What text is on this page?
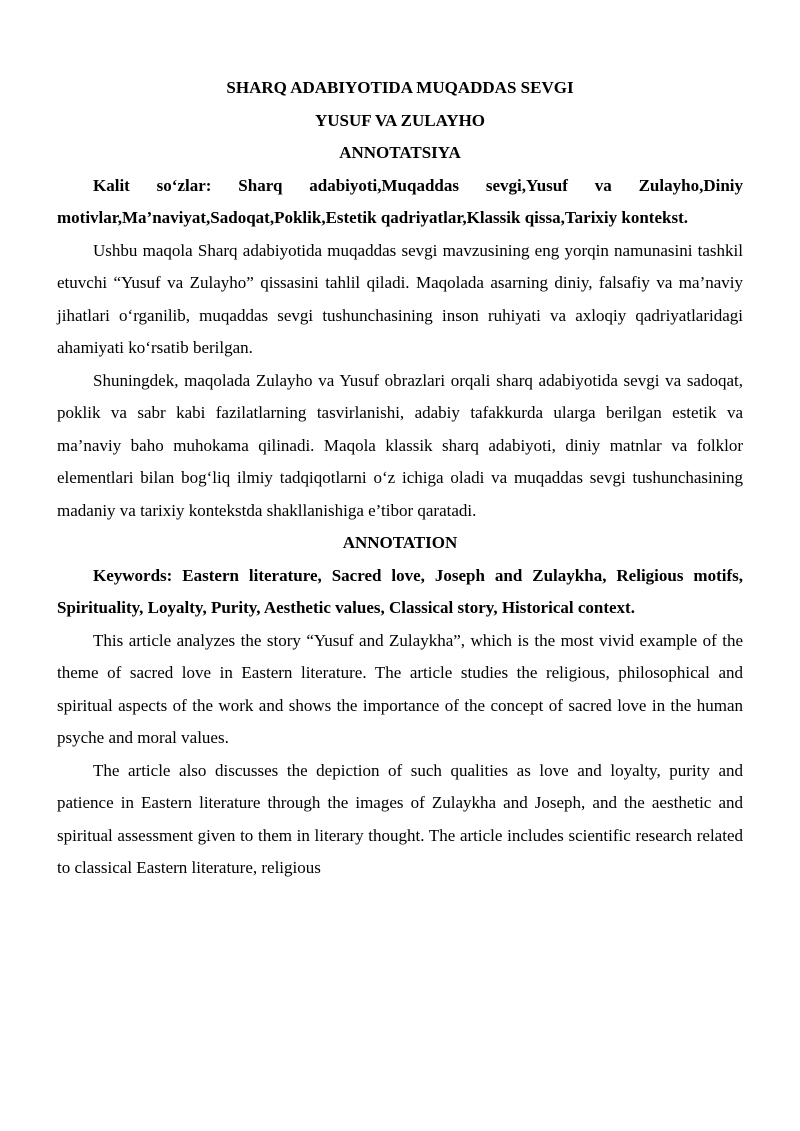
SHARQ ADABIYOTIDA MUQADDAS SEVGI
YUSUF VA ZULAYHO
ANNOTATSIYA

Kalit soʻzlar: Sharq adabiyoti,Muqaddas sevgi,Yusuf va Zulayho,Diniy motivlar,Ma’naviyat,Sadoqat,Poklik,Estetik qadriyatlar,Klassik qissa,Tarixiy kontekst.

Ushbu maqola Sharq adabiyotida muqaddas sevgi mavzusining eng yorqin namunasini tashkil etuvchi “Yusuf va Zulayho” qissasini tahlil qiladi. Maqolada asarning diniy, falsafiy va ma’naviy jihatlari oʻrganilib, muqaddas sevgi tushunchasining inson ruhiyati va axloqiy qadriyatlaridagi ahamiyati koʻrsatib berilgan.

Shuningdek, maqolada Zulayho va Yusuf obrazlari orqali sharq adabiyotida sevgi va sadoqat, poklik va sabr kabi fazilatlarning tasvirlanishi, adabiy tafakkurda ularga berilgan estetik va ma’naviy baho muhokama qilinadi. Maqola klassik sharq adabiyoti, diniy matnlar va folklor elementlari bilan bogʻliq ilmiy tadqiqotlarni oʻz ichiga oladi va muqaddas sevgi tushunchasining madaniy va tarixiy kontekstda shakllanishiga e’tibor qaratadi.

ANNOTATION

Keywords: Eastern literature, Sacred love, Joseph and Zulaykha, Religious motifs, Spirituality, Loyalty, Purity, Aesthetic values, Classical story, Historical context.

This article analyzes the story “Yusuf and Zulaykha”, which is the most vivid example of the theme of sacred love in Eastern literature. The article studies the religious, philosophical and spiritual aspects of the work and shows the importance of the concept of sacred love in the human psyche and moral values.

The article also discusses the depiction of such qualities as love and loyalty, purity and patience in Eastern literature through the images of Zulaykha and Joseph, and the aesthetic and spiritual assessment given to them in literary thought. The article includes scientific research related to classical Eastern literature, religious
